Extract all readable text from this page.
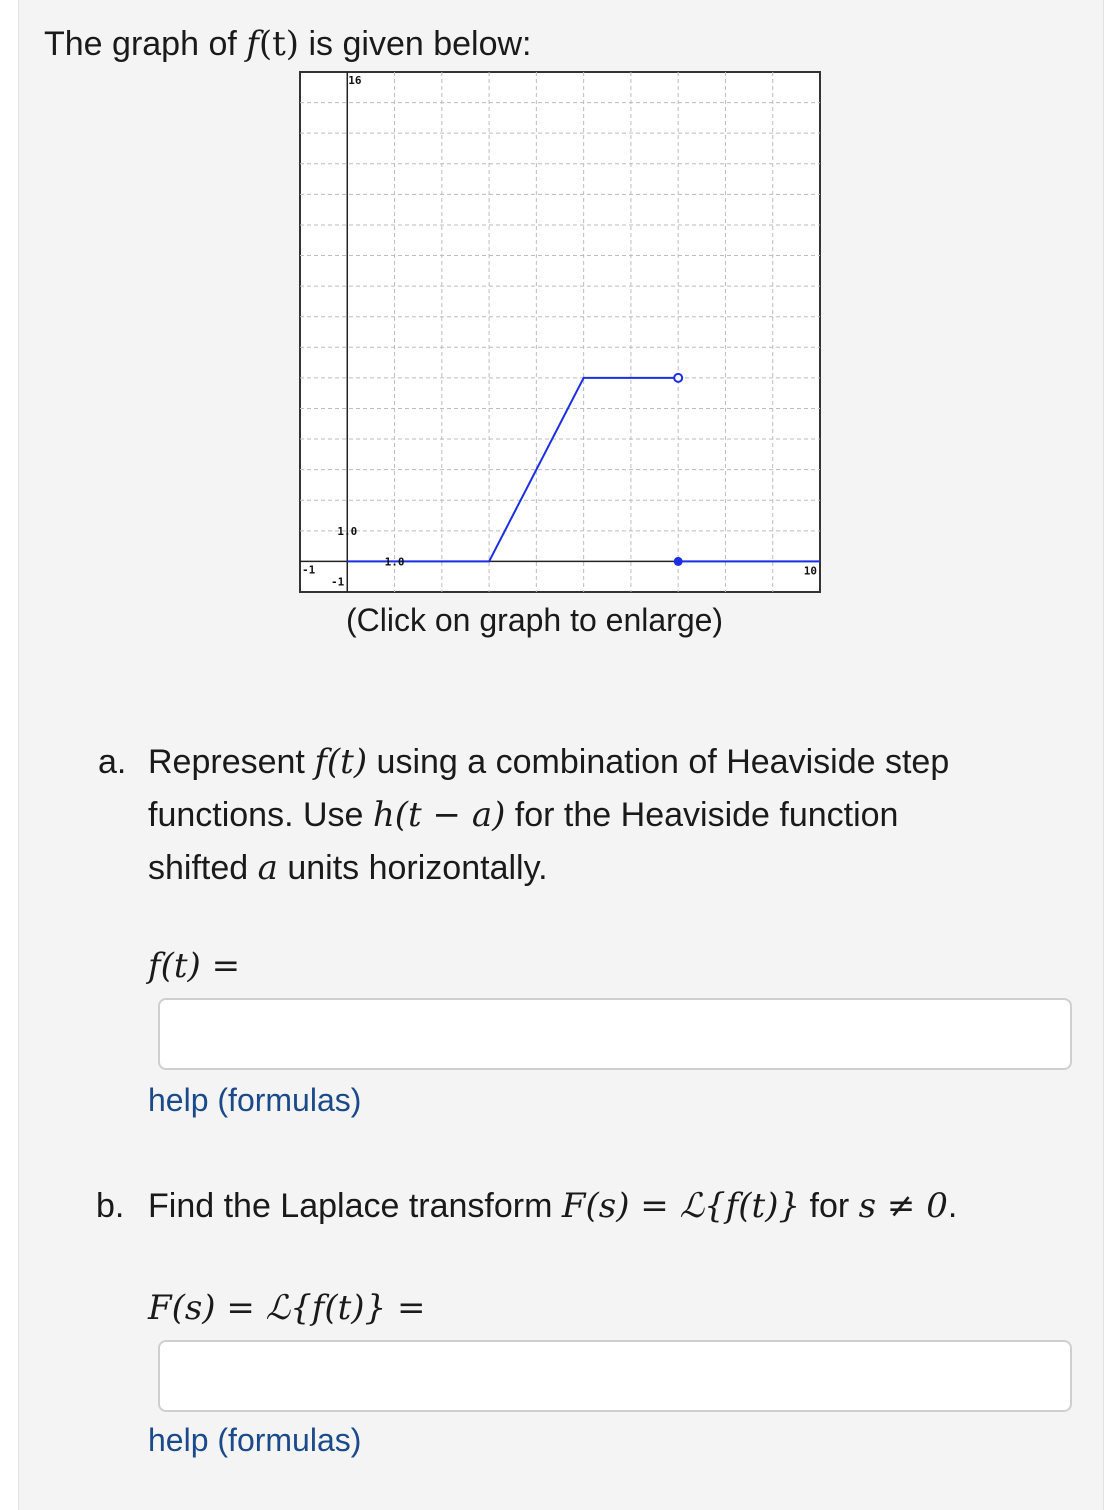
The graph of f(t) is given below:

16
1.0
1.0
-1
-1
10
(Click on graph to enlarge)
a. Represent f(t) using a combination of Heaviside step
functions. Use h(t − a) for the Heaviside function
shifted a units horizontally.
f(t) =
help (formulas)
b. Find the Laplace transform F(s) = ℒ{f(t)} for s ≠ 0.
F(s) = ℒ{f(t)} =
help (formulas)
